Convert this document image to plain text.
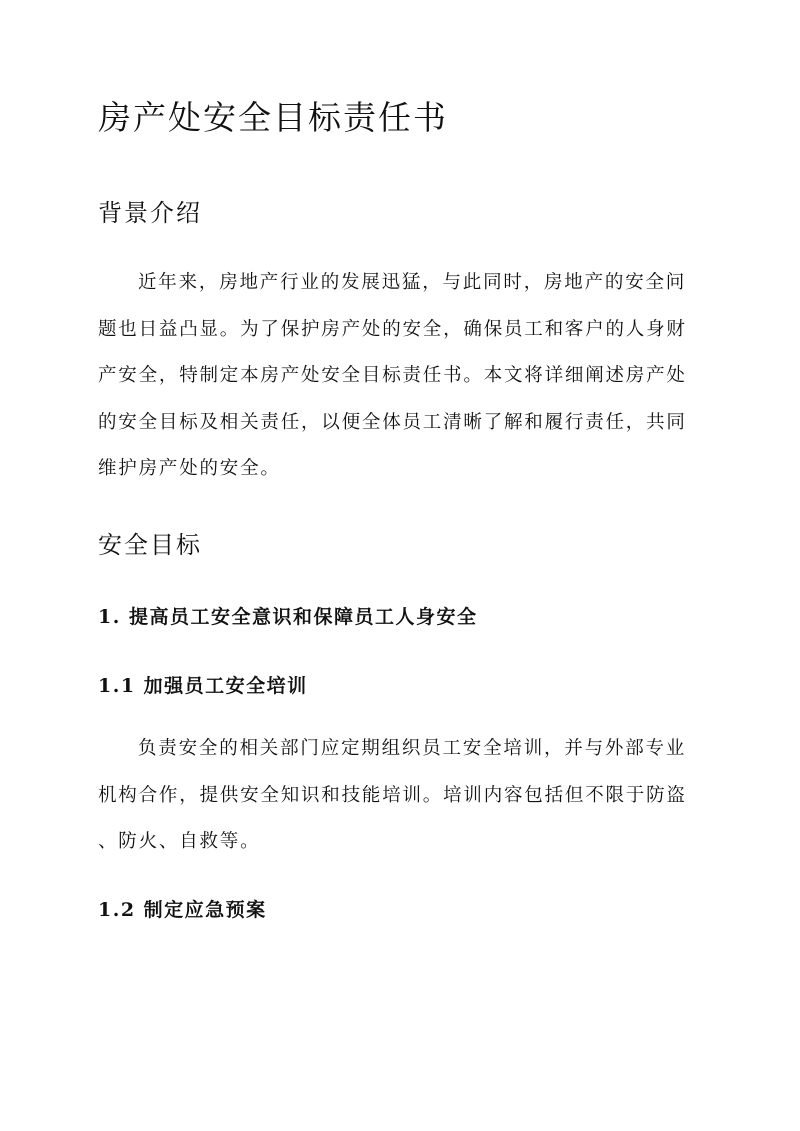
房产处安全目标责任书
背景介绍

近年来，房地产行业的发展迅猛，与此同时，房地产的安全问
题也日益凸显。为了保护房产处的安全，确保员工和客户的人身财
产安全，特制定本房产处安全目标责任书。本文将详细阐述房产处
的安全目标及相关责任，以便全体员工清晰了解和履行责任，共同
维护房产处的安全。

安全目标
1. 提高员工安全意识和保障员工人身安全
1.1 加强员工安全培训

负责安全的相关部门应定期组织员工安全培训，并与外部专业
机构合作，提供安全知识和技能培训。培训内容包括但不限于防盗
、防火、自救等。

1.2 制定应急预案
